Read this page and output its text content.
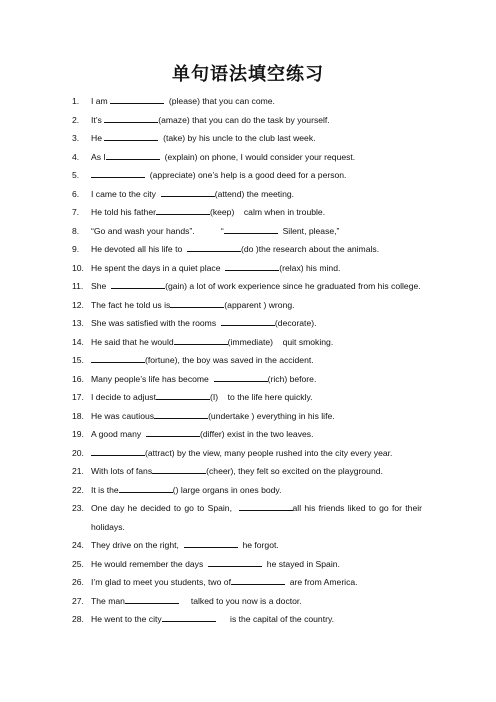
单句语法填空练习
1. I am	(please) that you can come.
2. It’s	(amaze) that you can do the task by yourself.
3. He	(take) by his uncle to the club last week.
4. As I	(explain) on phone, I would consider your request.
5.	(appreciate) one’s help is a good deed for a person.
6. I came to the city	(attend) the meeting.
7. He told his father	(keep)    calm when in trouble.
8. “Go and wash your hands”.           “	Silent, please,”
9. He devoted all his life to	(do )the research about the animals.
10. He spent the days in a quiet place	(relax) his mind.
11. She	(gain) a lot of work experience since he graduated from his college.
12. The fact he told us is	(apparent ) wrong.
13. She was satisfied with the rooms	(decorate).
14. He said that he would	(immediate)    quit smoking.
15.	(fortune), the boy was saved in the accident.
16. Many people’s life has become	(rich) before.
17. I decide to adjust	(I)    to the life here quickly.
18. He was cautious	(undertake ) everything in his life.
19. A good many	(differ) exist in the two leaves.
20.	(attract) by the view, many people rushed into the city every year.
21. With lots of fans	(cheer), they felt so excited on the playground.
22. It is the	() large organs in ones body.
23. One day he decided to go to Spain,	all his friends liked to go for their holidays.
24. They drive on the right,	he forgot.
25. He would remember the days	he stayed in Spain.
26. I’m glad to meet you students, two of	are from America.
27. The man	talked to you now is a doctor.
28. He went to the city	is the capital of the country.
